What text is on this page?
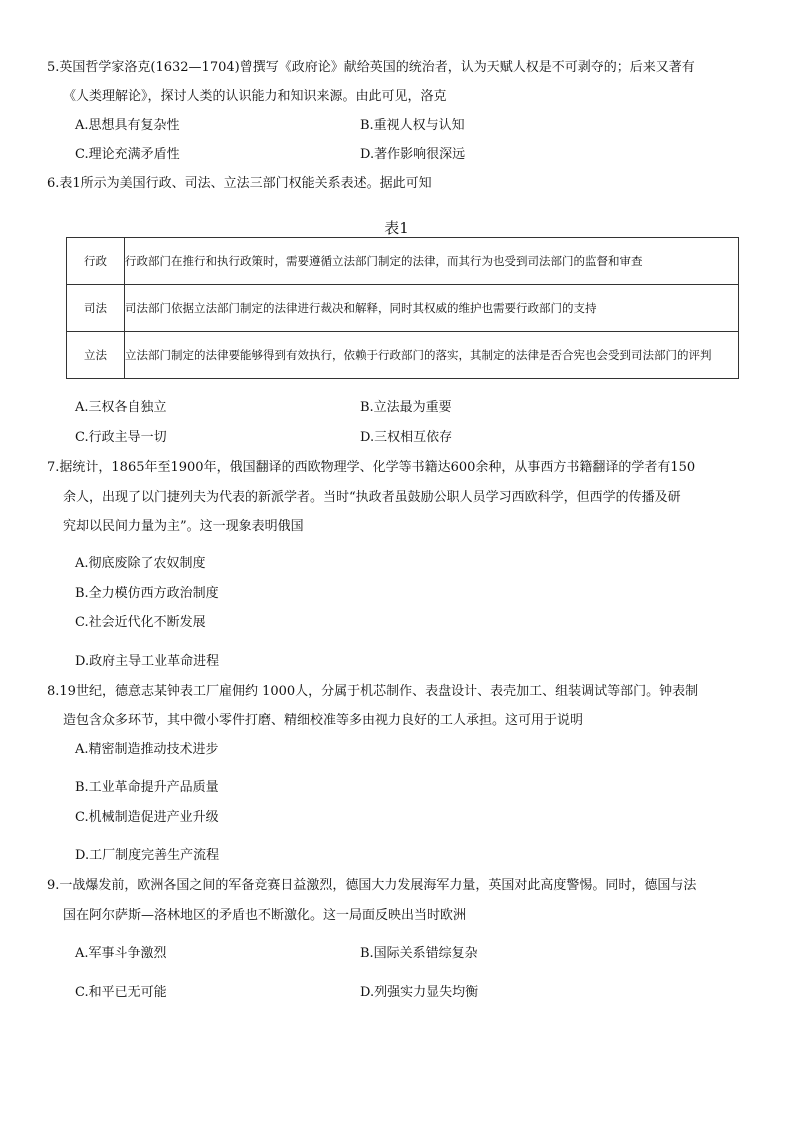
5.英国哲学家洛克(1632—1704)曾撰写《政府论》献给英国的统治者，认为天赋人权是不可剥夺的；后来又著有
《人类理解论》，探讨人类的认识能力和知识来源。由此可见，洛克
A.思想具有复杂性	B.重视人权与认知
C.理论充满矛盾性	D.著作影响很深远
6.表1所示为美国行政、司法、立法三部门权能关系表述。据此可知
表1
行政	行政部门在推行和执行政策时，需要遵循立法部门制定的法律，而其行为也受到司法部门的监督和审查
司法	司法部门依据立法部门制定的法律进行裁决和解释，同时其权威的维护也需要行政部门的支持
立法	立法部门制定的法律要能够得到有效执行，依赖于行政部门的落实，其制定的法律是否合宪也会受到司法部门的评判
A.三权各自独立	B.立法最为重要
C.行政主导一切	D.三权相互依存
7.据统计，1865年至1900年，俄国翻译的西欧物理学、化学等书籍达600余种，从事西方书籍翻译的学者有150
余人，出现了以门捷列夫为代表的新派学者。当时“执政者虽鼓励公职人员学习西欧科学，但西学的传播及研
究却以民间力量为主”。这一现象表明俄国
A.彻底废除了农奴制度
B.全力模仿西方政治制度
C.社会近代化不断发展
D.政府主导工业革命进程
8.19世纪，德意志某钟表工厂雇佣约 1000人，分属于机芯制作、表盘设计、表壳加工、组装调试等部门。钟表制
造包含众多环节，其中微小零件打磨、精细校准等多由视力良好的工人承担。这可用于说明
A.精密制造推动技术进步
B.工业革命提升产品质量
C.机械制造促进产业升级
D.工厂制度完善生产流程
9.一战爆发前，欧洲各国之间的军备竞赛日益激烈，德国大力发展海军力量，英国对此高度警惕。同时，德国与法
国在阿尔萨斯—洛林地区的矛盾也不断激化。这一局面反映出当时欧洲
A.军事斗争激烈	B.国际关系错综复杂
C.和平已无可能	D.列强实力显失均衡
